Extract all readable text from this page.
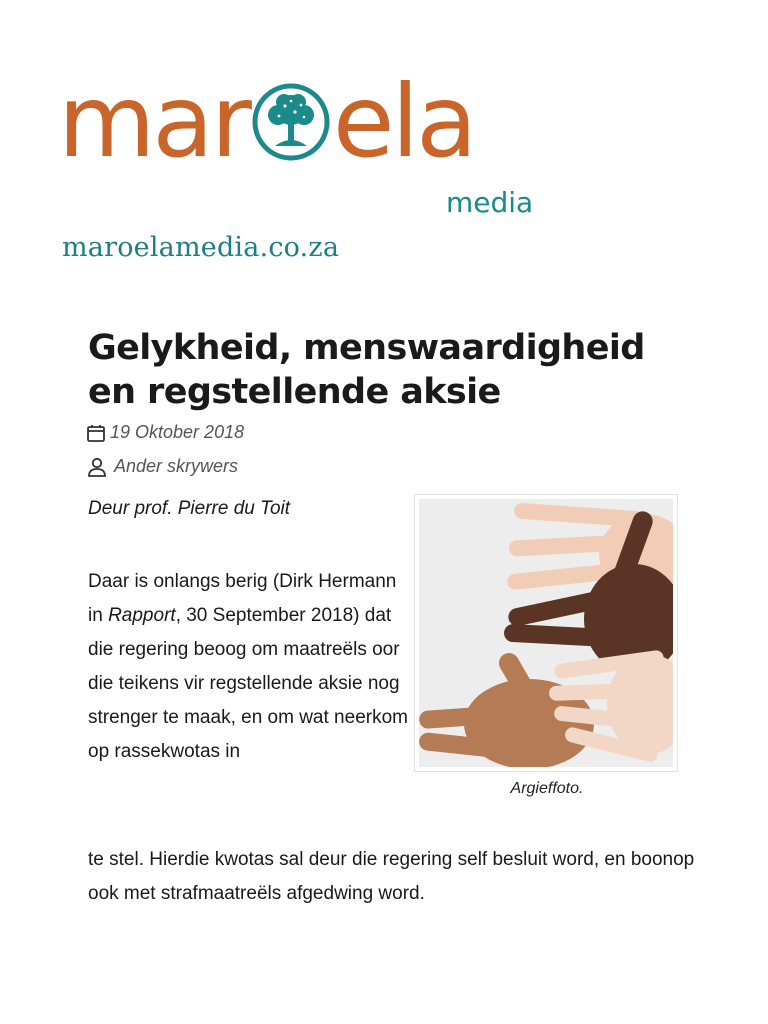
mar ela
media
maroelamedia.co.za
Gelykheid, menswaardigheid en regstellende aksie
19 Oktober 2018
Ander skrywers
Deur prof. Pierre du Toit
Argieffoto.
Daar is onlangs berig (Dirk Hermann in Rapport, 30 September 2018) dat die regering beoog om maatreëls oor die teikens vir regstellende aksie nog strenger te maak, en om wat neerkom op rassekwotas in
te stel. Hierdie kwotas sal deur die regering self besluit word, en boonop ook met strafmaatreëls afgedwing word.
